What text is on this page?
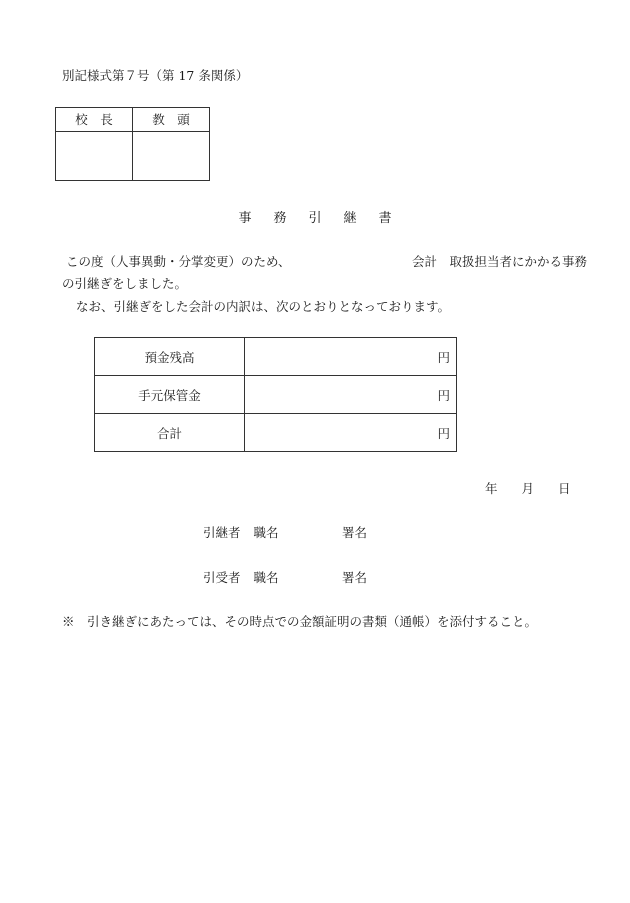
別記様式第７号（第 17 条関係）
校　長	教　頭
事 務 引 継 書
この度（人事異動・分掌変更）のため、	会計　取扱担当者にかかる事務
の引継ぎをしました。
なお、引継ぎをした会計の内訳は、次のとおりとなっております。
預金残高	円
手元保管金	円
合計	円
年 月 日
引継者 職名	署名
引受者 職名	署名
※　引き継ぎにあたっては、その時点での金額証明の書類（通帳）を添付すること。
